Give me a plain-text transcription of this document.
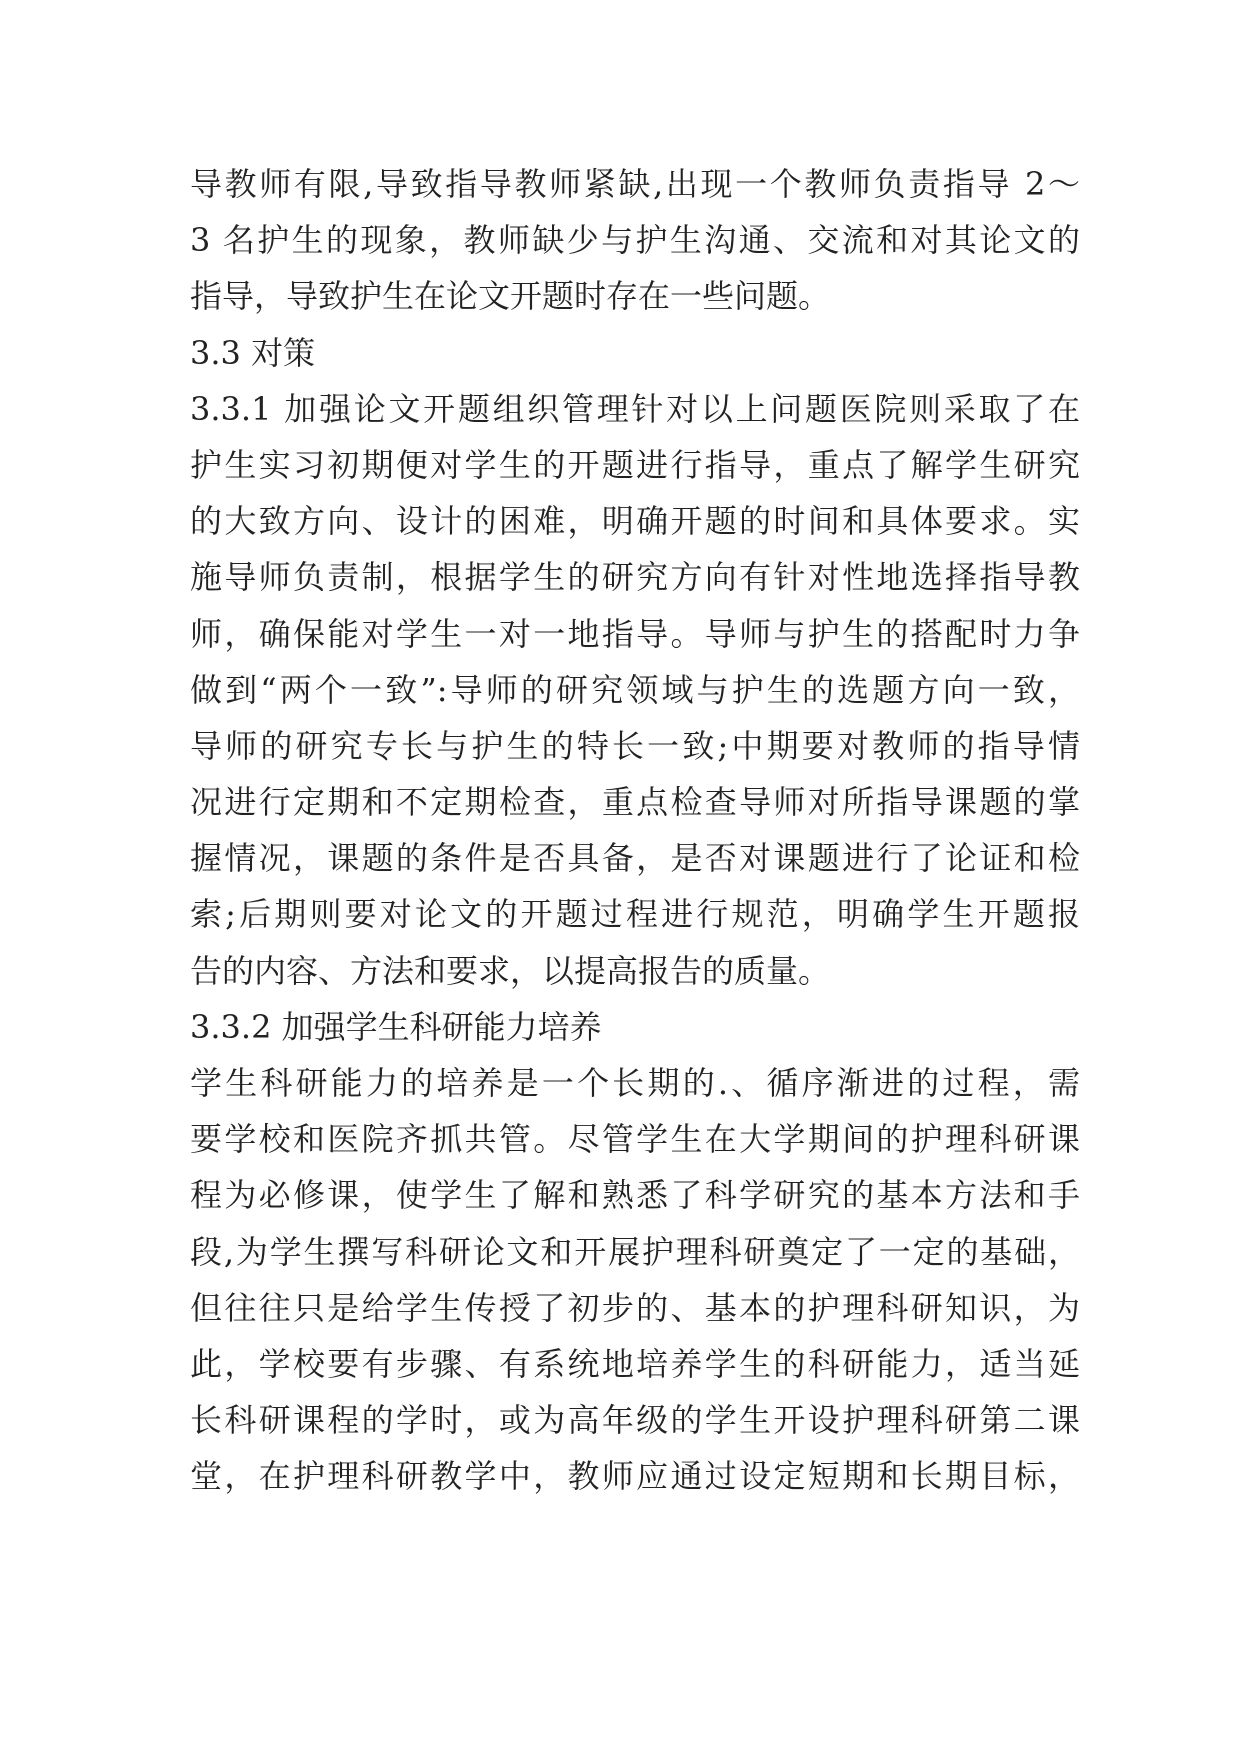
导教师有限,导致指导教师紧缺,出现一个教师负责指导 2～
3 名护生的现象，教师缺少与护生沟通、交流和对其论文的
指导，导致护生在论文开题时存在一些问题。
3.3 对策
3.3.1 加强论文开题组织管理针对以上问题医院则采取了在
护生实习初期便对学生的开题进行指导，重点了解学生研究
的大致方向、设计的困难，明确开题的时间和具体要求。实
施导师负责制，根据学生的研究方向有针对性地选择指导教
师，确保能对学生一对一地指导。导师与护生的搭配时力争
做到“两个一致”:导师的研究领域与护生的选题方向一致，
导师的研究专长与护生的特长一致;中期要对教师的指导情
况进行定期和不定期检查，重点检查导师对所指导课题的掌
握情况，课题的条件是否具备，是否对课题进行了论证和检
索;后期则要对论文的开题过程进行规范，明确学生开题报
告的内容、方法和要求，以提高报告的质量。
3.3.2 加强学生科研能力培养
学生科研能力的培养是一个长期的.、循序渐进的过程，需
要学校和医院齐抓共管。尽管学生在大学期间的护理科研课
程为必修课，使学生了解和熟悉了科学研究的基本方法和手
段,为学生撰写科研论文和开展护理科研奠定了一定的基础，
但往往只是给学生传授了初步的、基本的护理科研知识，为
此，学校要有步骤、有系统地培养学生的科研能力，适当延
长科研课程的学时，或为高年级的学生开设护理科研第二课
堂，在护理科研教学中，教师应通过设定短期和长期目标，
